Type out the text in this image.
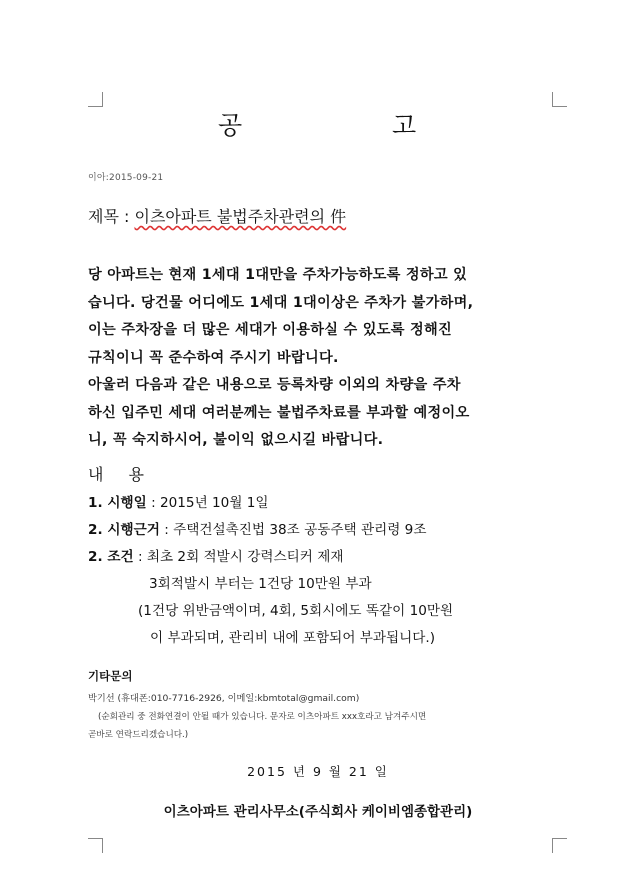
공	고
이아:2015-09-21
제목 : 이츠아파트 불법주차관련의 件

당 아파트는 현재 1세대 1대만을 주차가능하도록 정하고 있

습니다. 당건물 어디에도 1세대 1대이상은 주차가 불가하며,

이는 주차장을 더 많은 세대가 이용하실 수 있도록 정해진

규칙이니 꼭 준수하여 주시기 바랍니다.

아울러 다음과 같은 내용으로 등록차량 이외의 차량을 주차

하신 입주민 세대 여러분께는 불법주차료를 부과할 예정이오

니, 꼭 숙지하시어, 불이익 없으시길 바랍니다.

내 용
1. 시행일 : 2015년 10월 1일
2. 시행근거 : 주택건설촉진법 38조 공동주택 관리령 9조
2. 조건 : 최초 2회 적발시 강력스티커 제재
3회적발시 부터는 1건당 10만원 부과
(1건당 위반금액이며, 4회, 5회시에도 똑같이 10만원
이 부과되며, 관리비 내에 포함되어 부과됩니다.)
기타문의
박기선 (휴대폰:010-7716-2926, 이메일:kbmtotal@gmail.com)
(순회관리 중 전화연결이 안될 때가 있습니다. 문자로 이츠아파트 xxx호라고 남겨주시면
곧바로 연락드리겠습니다.)
2015 년 9 월 21 일
이츠아파트 관리사무소(주식회사 케이비엠종합관리)
